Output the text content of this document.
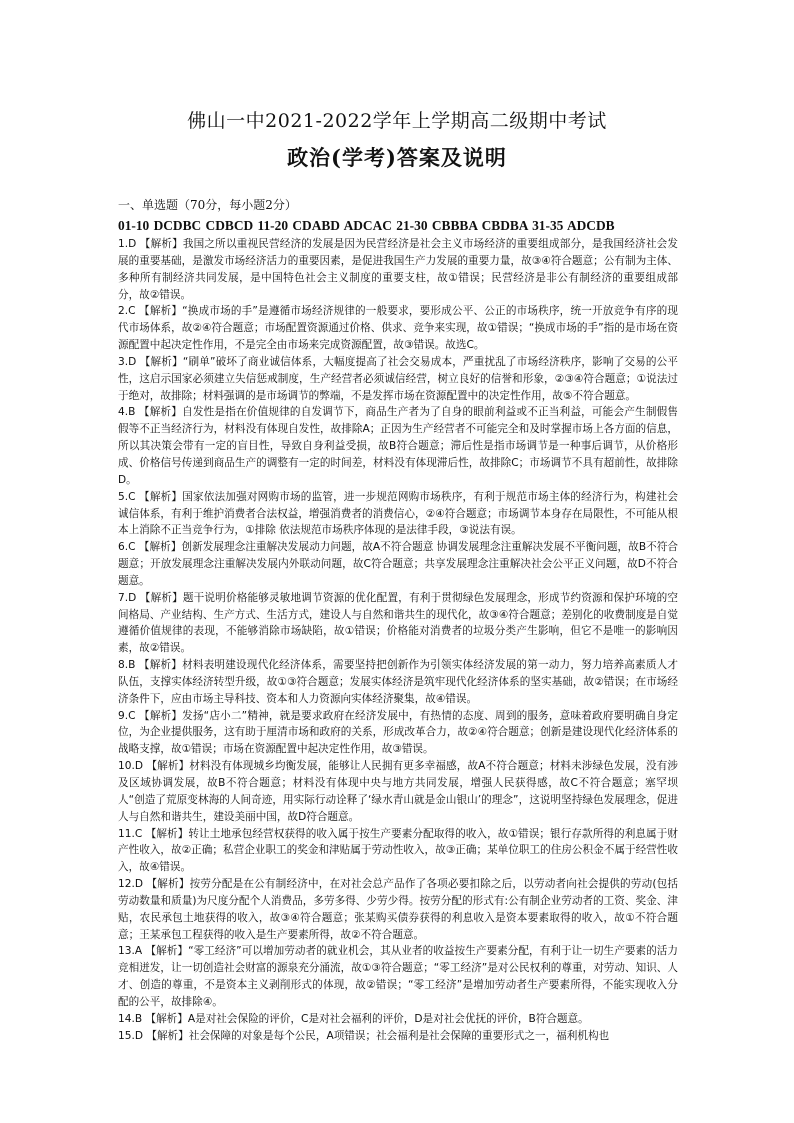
佛山一中2021-2022学年上学期高二级期中考试
政治(学考)答案及说明
一、单选题（70分，每小题2分）
01-10 DCDBC CDBCD 11-20 CDABD ADCAC 21-30 CBBBA CBDBA 31-35 ADCDB

1.D 【解析】我国之所以重视民营经济的发展是因为民营经济是社会主义市场经济的重要组成部分，是我国经济社会发展的重要基础，是激发市场经济活力的重要因素，是促进我国生产力发展的重要力量，故③④符合题意；公有制为主体、多种所有制经济共同发展，是中国特色社会主义制度的重要支柱，故①错误；民营经济是非公有制经济的重要组成部分，故②错误。

2.C 【解析】“换成市场的手”是遵循市场经济规律的一般要求，要形成公平、公正的市场秩序，统一开放竞争有序的现代市场体系，故②④符合题意；市场配置资源通过价格、供求、竞争来实现，故①错误；“换成市场的手”指的是市场在资源配置中起决定性作用，不是完全由市场来完成资源配置，故③错误。故选C。

3.D 【解析】“刷单”破坏了商业诚信体系，大幅度提高了社会交易成本，严重扰乱了市场经济秩序，影响了交易的公平性，这启示国家必须建立失信惩戒制度，生产经营者必须诚信经营，树立良好的信誉和形象，②③④符合题意；①说法过于绝对，故排除；材料强调的是市场调节的弊端，不是发挥市场在资源配置中的决定性作用，故⑤不符合题意。

4.B 【解析】自发性是指在价值规律的自发调节下，商品生产者为了自身的眼前利益或不正当利益，可能会产生制假售假等不正当经济行为，材料没有体现自发性，故排除A；正因为生产经营者不可能完全和及时掌握市场上各方面的信息，所以其决策会带有一定的盲目性，导致自身利益受损，故B符合题意；滞后性是指市场调节是一种事后调节，从价格形成、价格信号传递到商品生产的调整有一定的时间差，材料没有体现滞后性，故排除C；市场调节不具有超前性，故排除D。

5.C 【解析】国家依法加强对网购市场的监管，进一步规范网购市场秩序，有利于规范市场主体的经济行为，构建社会诚信体系，有利于维护消费者合法权益，增强消费者的消费信心，②④符合题意；市场调节本身存在局限性，不可能从根本上消除不正当竞争行为，①排除 依法规范市场秩序体现的是法律手段，③说法有误。

6.C 【解析】创新发展理念注重解决发展动力问题，故A不符合题意 协调发展理念注重解决发展不平衡问题，故B不符合题意；开放发展理念注重解决发展内外联动问题，故C符合题意；共享发展理念注重解决社会公平正义问题，故D不符合题意。

7.D 【解析】题干说明价格能够灵敏地调节资源的优化配置，有利于贯彻绿色发展理念，形成节约资源和保护环境的空间格局、产业结构、生产方式、生活方式，建设人与自然和谐共生的现代化，故③④符合题意；差别化的收费制度是自觉遵循价值规律的表现，不能够消除市场缺陷，故①错误；价格能对消费者的垃圾分类产生影响，但它不是唯一的影响因素，故②错误。

8.B 【解析】材料表明建设现代化经济体系，需要坚持把创新作为引领实体经济发展的第一动力，努力培养高素质人才队伍，支撑实体经济转型升级，故①③符合题意；发展实体经济是筑牢现代化经济体系的坚实基础，故②错误；在市场经济条件下，应由市场主导科技、资本和人力资源向实体经济聚集，故④错误。

9.C 【解析】发扬“店小二”精神，就是要求政府在经济发展中，有热情的态度、周到的服务，意味着政府要明确自身定位，为企业提供服务，这有助于厘清市场和政府的关系，形成改革合力，故②④符合题意；创新是建设现代化经济体系的战略支撑，故①错误；市场在资源配置中起决定性作用，故③错误。

10.D 【解析】材料没有体现城乡均衡发展，能够让人民拥有更多幸福感，故A不符合题意；材料未涉绿色发展，没有涉及区域协调发展，故B不符合题意；材料没有体现中央与地方共同发展，增强人民获得感，故C不符合题意；塞罕坝人“创造了荒原变林海的人间奇迹，用实际行动诠释了‘绿水青山就是金山银山’的理念”，这说明坚持绿色发展理念，促进人与自然和谐共生，建设美丽中国，故D符合题意。

11.C 【解析】转让土地承包经营权获得的收入属于按生产要素分配取得的收入，故①错误；银行存款所得的利息属于财产性收入，故②正确；私营企业职工的奖金和津贴属于劳动性收入，故③正确；某单位职工的住房公积金不属于经营性收入，故④错误。

12.D 【解析】按劳分配是在公有制经济中，在对社会总产品作了各项必要扣除之后，以劳动者向社会提供的劳动(包括劳动数量和质量)为尺度分配个人消费品，多劳多得、少劳少得。按劳分配的形式有:公有制企业劳动者的工资、奖金、津贴，农民承包土地获得的收入，故③④符合题意；张某购买债券获得的利息收入是资本要素取得的收入，故①不符合题意；王某承包工程获得的收入是生产要素所得，故②不符合题意。

13.A 【解析】“零工经济”可以增加劳动者的就业机会，其从业者的收益按生产要素分配，有利于让一切生产要素的活力竞相迸发，让一切创造社会财富的源泉充分涌流，故①③符合题意；“零工经济”是对公民权利的尊重，对劳动、知识、人才、创造的尊重，不是资本主义剥削形式的体现，故②错误；“零工经济”是增加劳动者生产要素所得，不能实现收入分配的公平，故排除④。

14.B 【解析】A是对社会保险的评价，C是对社会福利的评价，D是对社会优抚的评价，B符合题意。

15.D 【解析】社会保障的对象是每个公民，A项错误；社会福利是社会保障的重要形式之一，福利机构也
